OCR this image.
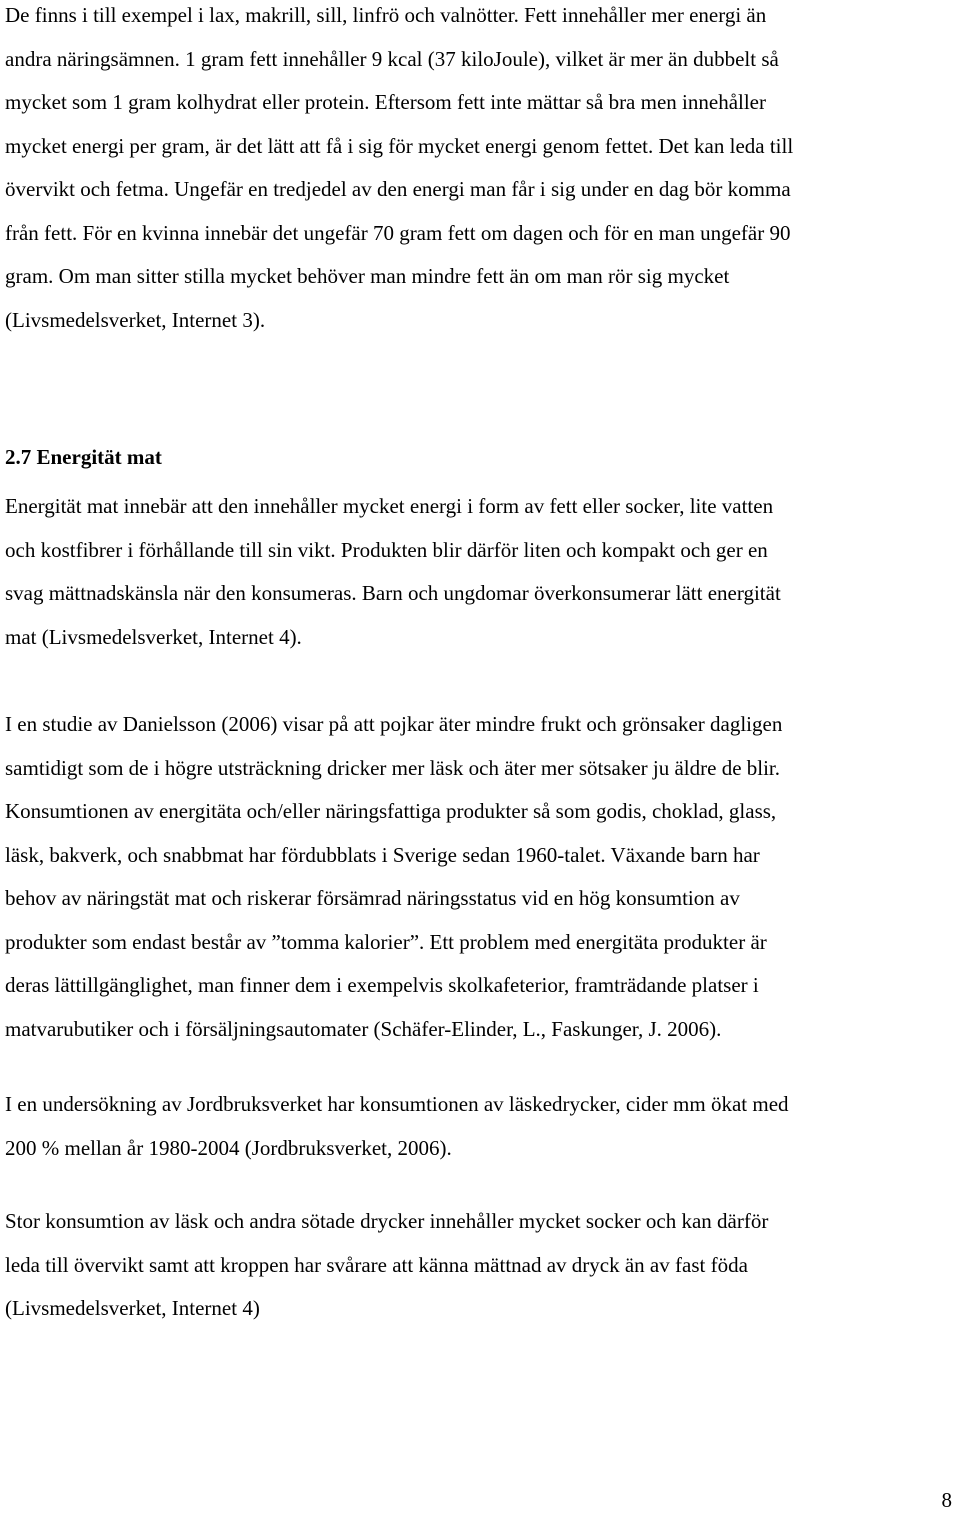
De finns i till exempel i lax, makrill, sill, linfrö och valnötter. Fett innehåller mer energi än
andra näringsämnen. 1 gram fett innehåller 9 kcal (37 kiloJoule), vilket är mer än dubbelt så
mycket som 1 gram kolhydrat eller protein. Eftersom fett inte mättar så bra men innehåller
mycket energi per gram, är det lätt att få i sig för mycket energi genom fettet. Det kan leda till
övervikt och fetma. Ungefär en tredjedel av den energi man får i sig under en dag bör komma
från fett. För en kvinna innebär det ungefär 70 gram fett om dagen och för en man ungefär 90
gram. Om man sitter stilla mycket behöver man mindre fett än om man rör sig mycket
(Livsmedelsverket, Internet 3).

2.7 Energität mat

Energität mat innebär att den innehåller mycket energi i form av fett eller socker, lite vatten
och kostfibrer i förhållande till sin vikt. Produkten blir därför liten och kompakt och ger en
svag mättnadskänsla när den konsumeras. Barn och ungdomar överkonsumerar lätt energität
mat (Livsmedelsverket, Internet 4).

I en studie av Danielsson (2006) visar på att pojkar äter mindre frukt och grönsaker dagligen
samtidigt som de i högre utsträckning dricker mer läsk och äter mer sötsaker ju äldre de blir.
Konsumtionen av energitäta och/eller näringsfattiga produkter så som godis, choklad, glass,
läsk, bakverk, och snabbmat har fördubblats i Sverige sedan 1960-talet. Växande barn har
behov av näringstät mat och riskerar försämrad näringsstatus vid en hög konsumtion av
produkter som endast består av ”tomma kalorier”. Ett problem med energitäta produkter är
deras lättillgänglighet, man finner dem i exempelvis skolkafeterior, framträdande platser i
matvarubutiker och i försäljningsautomater (Schäfer-Elinder, L., Faskunger, J. 2006).

I en undersökning av Jordbruksverket har konsumtionen av läskedrycker, cider mm ökat med
200 % mellan år 1980-2004 (Jordbruksverket, 2006).

Stor konsumtion av läsk och andra sötade drycker innehåller mycket socker och kan därför
leda till övervikt samt att kroppen har svårare att känna mättnad av dryck än av fast föda
(Livsmedelsverket, Internet 4)

8
